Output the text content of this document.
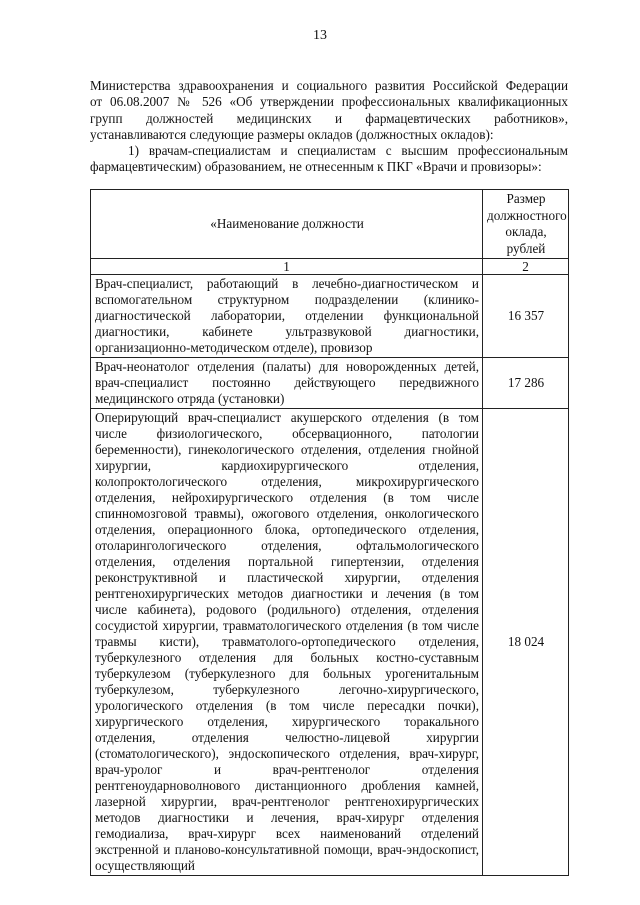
13

Министерства здравоохранения и социального развития Российской Федерации

от 06.08.2007 № 526 «Об утверждении профессиональных квалификационных

групп должностей медицинских и фармацевтических работников»,

устанавливаются следующие размеры окладов (должностных окладов):

1) врачам-специалистам и специалистам с высшим профессиональным фармацевтическим) образованием, не отнесенным к ПКГ «Врачи и провизоры»:

«Наименование должности	Размер должностного оклада, рублей
1	2
Врач-специалист, работающий в лечебно-диагностическом и вспомогательном структурном подразделении (клинико-диагностической лаборатории, отделении функциональной диагностики, кабинете ультразвуковой диагностики, организационно-методическом отделе), провизор	16 357
Врач-неонатолог отделения (палаты) для новорожденных детей, врач-специалист постоянно действующего передвижного медицинского отряда (установки)	17 286
Оперирующий врач-специалист акушерского отделения (в том числе физиологического, обсервационного, патологии беременности), гинекологического отделения, отделения гнойной хирургии, кардиохирургического отделения, колопроктологического отделения, микрохирургического отделения, нейрохирургического отделения (в том числе спинномозговой травмы), ожогового отделения, онкологического отделения, операционного блока, ортопедического отделения, отоларингологического отделения, офтальмологического отделения, отделения портальной гипертензии, отделения реконструктивной и пластической хирургии, отделения рентгенохирургических методов диагностики и лечения (в том числе кабинета), родового (родильного) отделения, отделения сосудистой хирургии, травматологического отделения (в том числе травмы кисти), травматолого-ортопедического отделения, туберкулезного отделения для больных костно-суставным туберкулезом (туберкулезного для больных урогенитальным туберкулезом, туберкулезного легочно-хирургического, урологического отделения (в том числе пересадки почки), хирургического отделения, хирургического торакального отделения, отделения челюстно-лицевой хирургии (стоматологического), эндоскопического отделения, врач-хирург, врач-уролог и врач-рентгенолог отделения рентгеноударноволнового дистанционного дробления камней, лазерной хирургии, врач-рентгенолог рентгенохирургических методов диагностики и лечения, врач-хирург отделения гемодиализа, врач-хирург всех наименований отделений экстренной и планово-консультативной помощи, врач-эндоскопист, осуществляющий	18 024
